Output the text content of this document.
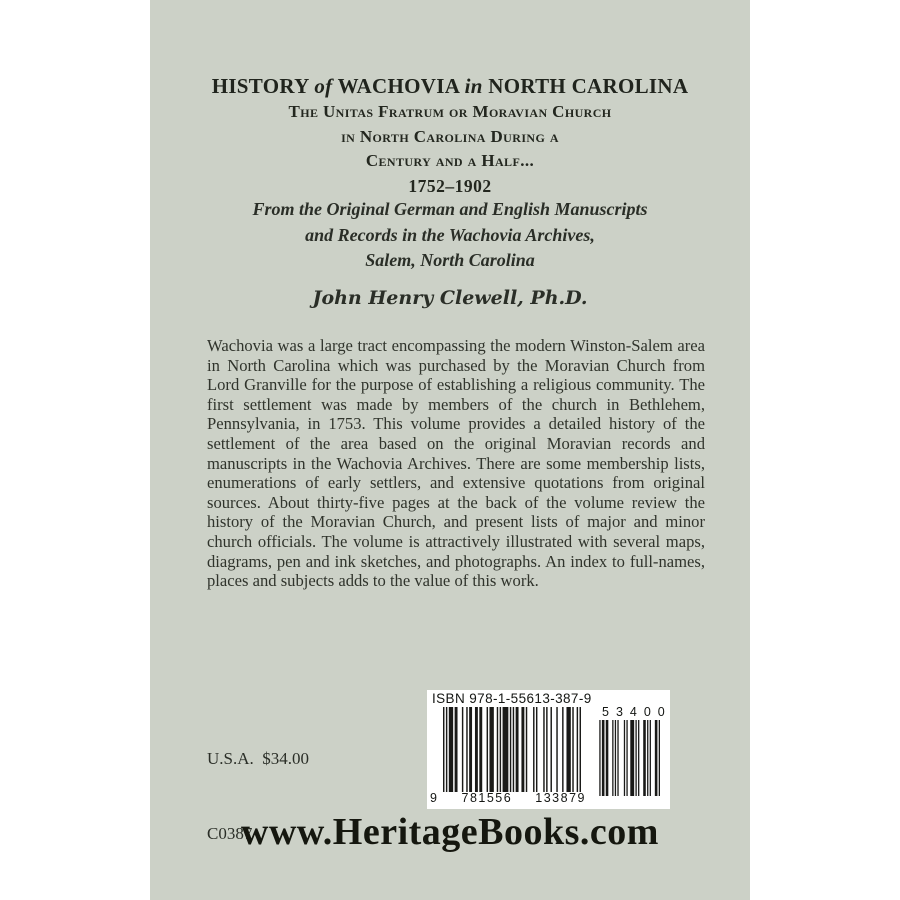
HISTORY of WACHOVIA in NORTH CAROLINA
The Unitas Fratrum or Moravian Church
in North Carolina During a
Century and a Half...
1752–1902
From the Original German and English Manuscripts
and Records in the Wachovia Archives,
Salem, North Carolina
John Henry Clewell, Ph.D.
Wachovia was a large tract encompassing the modern Winston-Salem area in North Carolina which was purchased by the Moravian Church from Lord Granville for the purpose of establishing a religious community. The first settlement was made by members of the church in Bethlehem, Pennsylvania, in 1753. This volume provides a detailed history of the settlement of the area based on the original Moravian records and manuscripts in the Wachovia Archives. There are some membership lists, enumerations of early settlers, and extensive quotations from original sources. About thirty-five pages at the back of the volume review the history of the Moravian Church, and present lists of major and minor church officials. The volume is attractively illustrated with several maps, diagrams, pen and ink sketches, and photographs. An index to full-names, places and subjects adds to the value of this work.

U.S.A.  $34.00

C0387

ISBN 978-1-55613-387-9
9 781556 133879
53400
www.HeritageBooks.com
